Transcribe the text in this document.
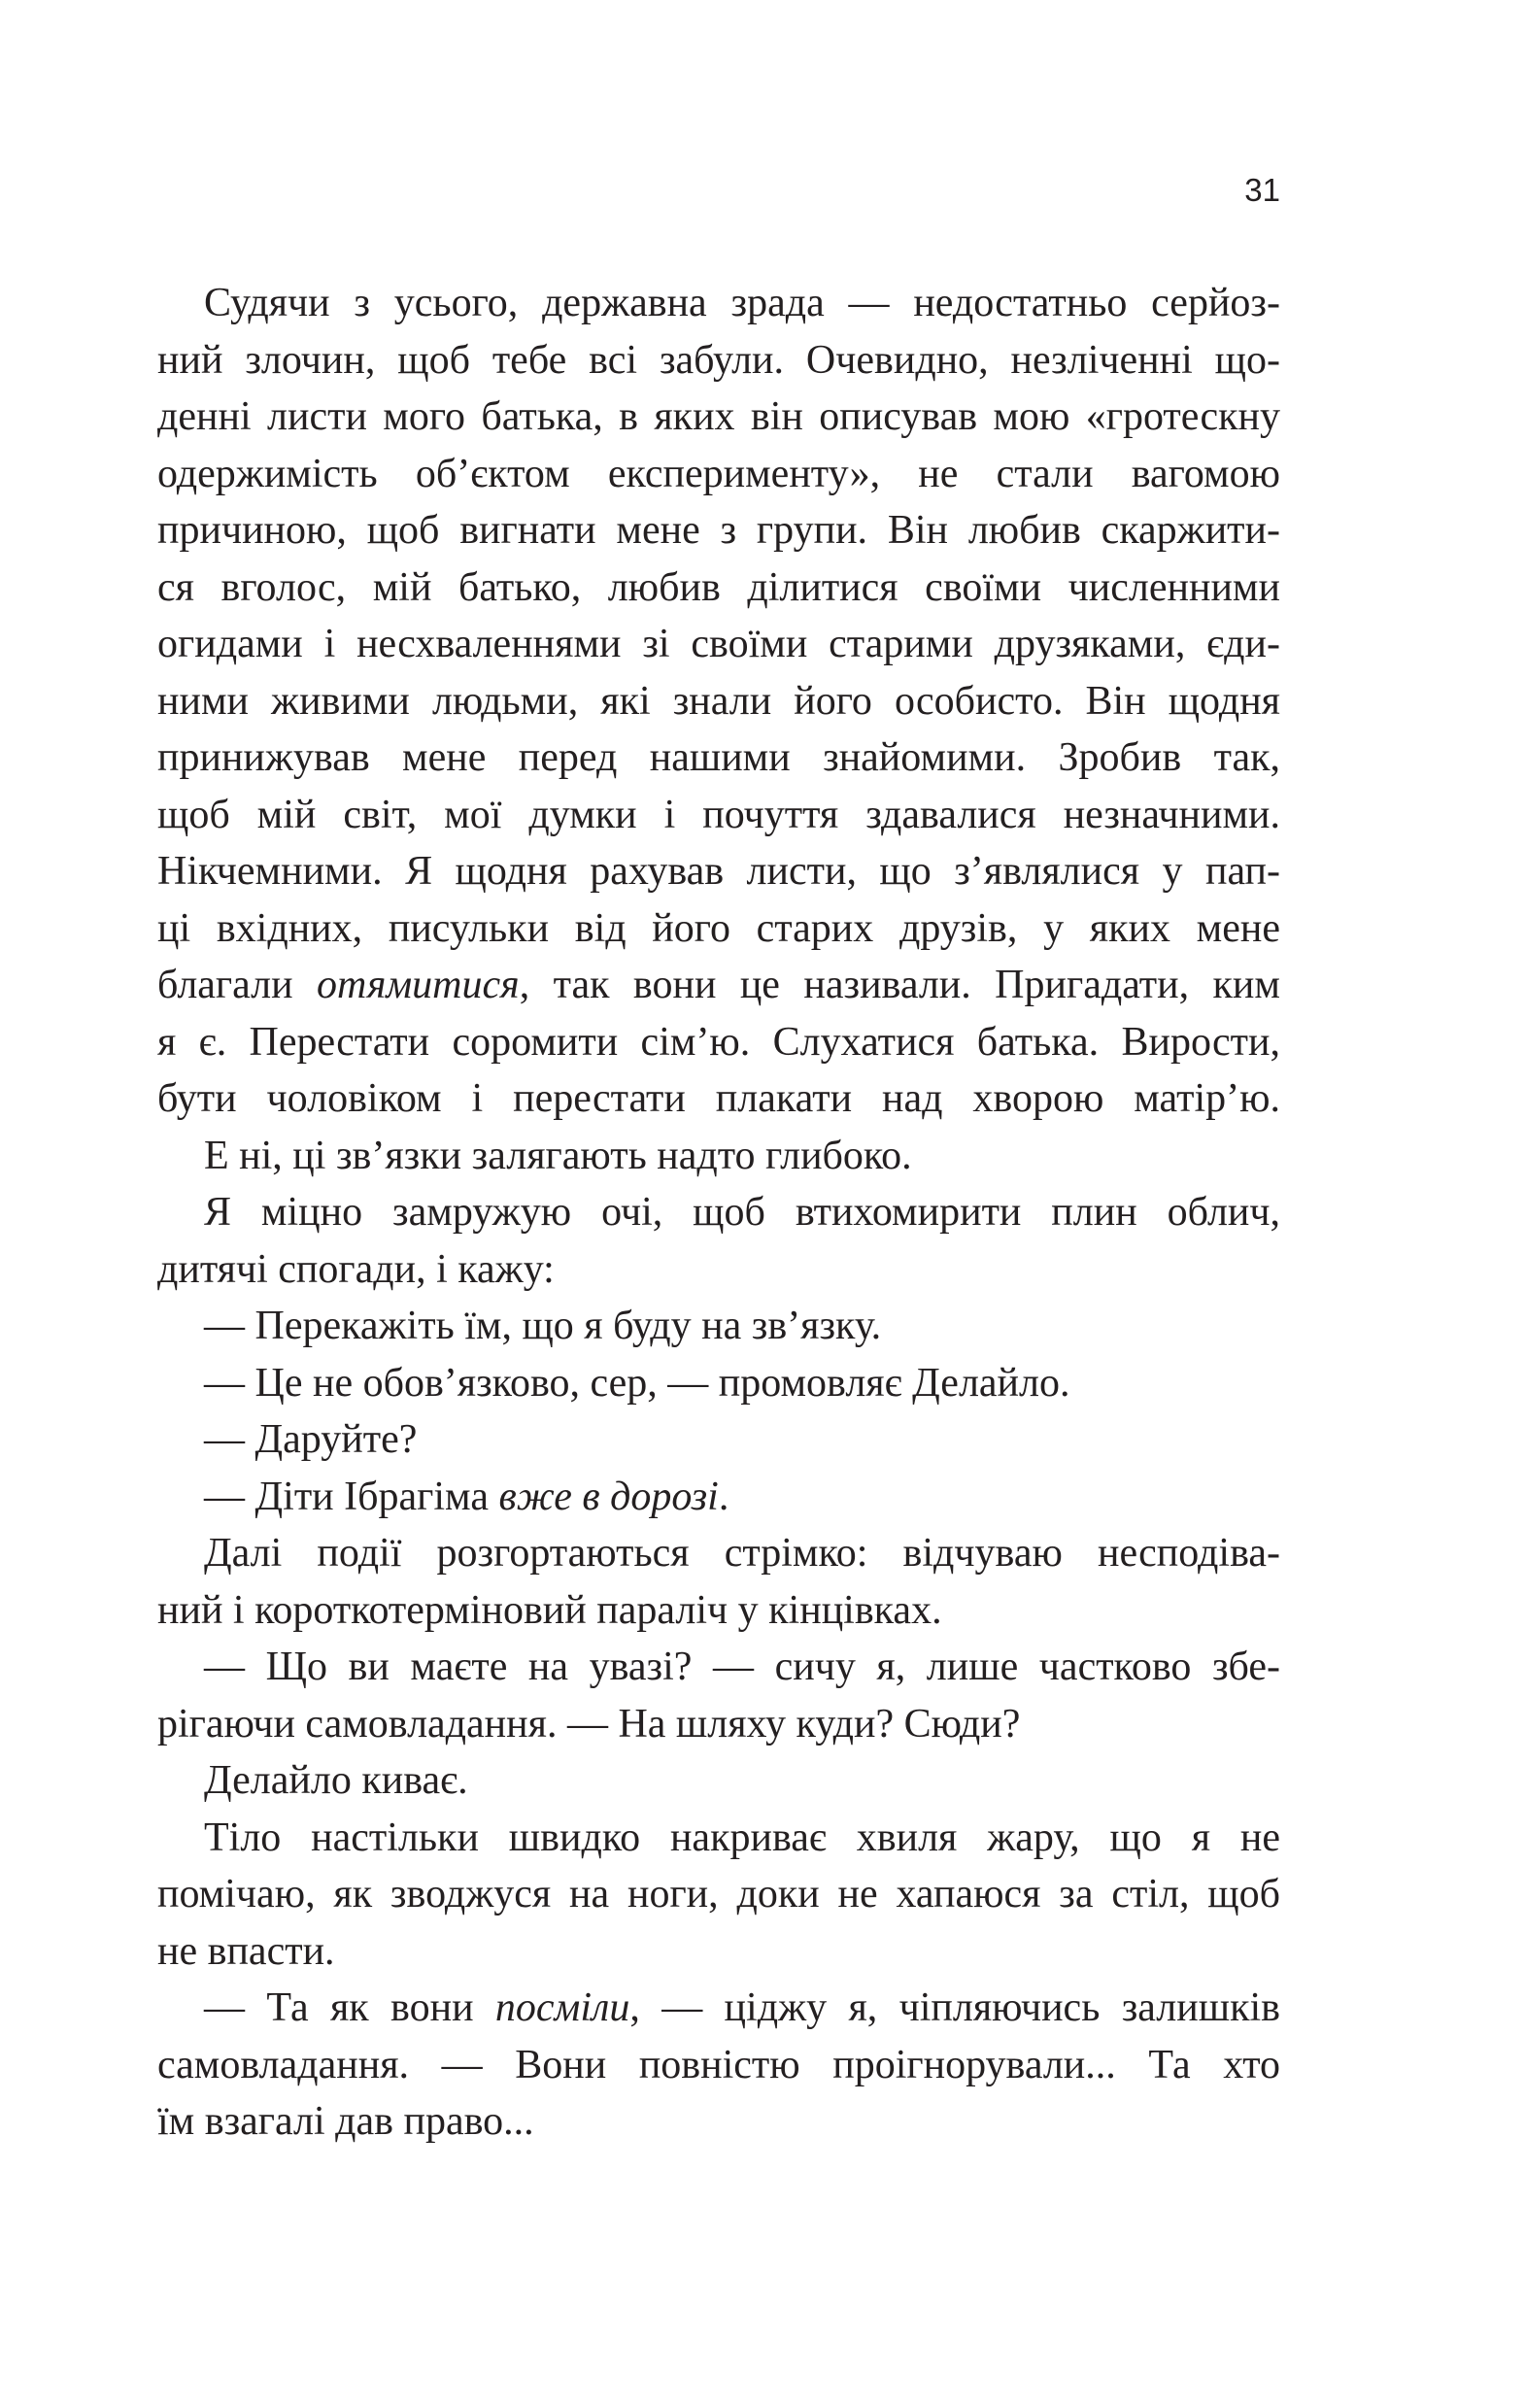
31
Судячи з усього, державна зрада — недостатньо серйоз-
ний злочин, щоб тебе всі забули. Очевидно, незліченні що-
денні листи мого батька, в яких він описував мою «гротескну
одержимість об’єктом експерименту», не стали вагомою
причиною, щоб вигнати мене з групи. Він любив скаржити-
ся вголос, мій батько, любив ділитися своїми численними
огидами і несхваленнями зі своїми старими друзяками, єди-
ними живими людьми, які знали його особисто. Він щодня
принижував мене перед нашими знайомими. Зробив так,
щоб мій світ, мої думки і почуття здавалися незначними.
Нікчемними. Я щодня рахував листи, що з’являлися у пап-
ці вхідних, писульки від його старих друзів, у яких мене
благали отямитися, так вони це називали. Пригадати, ким
я є. Перестати соромити сім’ю. Слухатися батька. Вирости,
бути чоловіком і перестати плакати над хворою матір’ю.
Е ні, ці зв’язки залягають надто глибоко.
Я міцно замружую очі, щоб втихомирити плин облич,
дитячі спогади, і кажу:
— Перекажіть їм, що я буду на зв’язку.
— Це не обов’язково, сер, — промовляє Делайло.
— Даруйте?
— Діти Ібрагіма вже в дорозі.
Далі події розгортаються стрімко: відчуваю несподіва-
ний і короткотерміновий параліч у кінцівках.
— Що ви маєте на увазі? — сичу я, лише частково збе-
рігаючи самовладання. — На шляху куди? Сюди?
Делайло киває.
Тіло настільки швидко накриває хвиля жару, що я не
помічаю, як зводжуся на ноги, доки не хапаюся за стіл, щоб
не впасти.
— Та як вони посміли, — ціджу я, чіпляючись залишків
самовладання. — Вони повністю проігнорували... Та хто
їм взагалі дав право...
